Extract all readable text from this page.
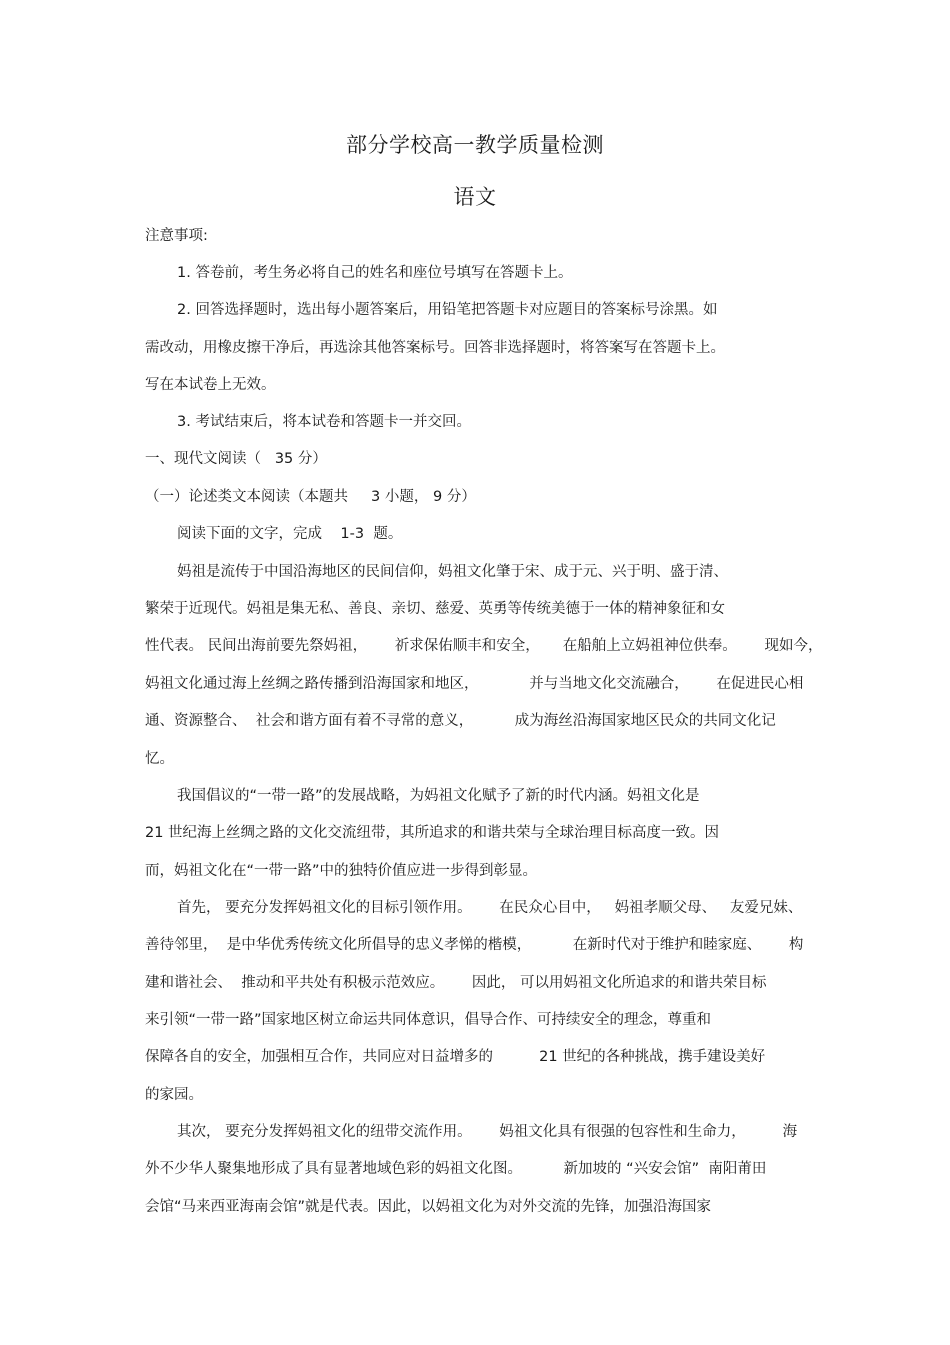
部分学校高一教学质量检测
语文
注意事项:
1. 答卷前，考生务必将自己的姓名和座位号填写在答题卡上。
2. 回答选择题时，选出每小题答案后，用铅笔把答题卡对应题目的答案标号涂黑。如
需改动，用橡皮擦干净后，再选涂其他答案标号。回答非选择题时，将答案写在答题卡上。
写在本试卷上无效。
3. 考试结束后，将本试卷和答题卡一并交回。
一、现代文阅读（   35 分）
（一）论述类文本阅读（本题共     3 小题， 9 分）
阅读下面的文字，完成    1-3  题。
妈祖是流传于中国沿海地区的民间信仰，妈祖文化肇于宋、成于元、兴于明、盛于清、
繁荣于近现代。妈祖是集无私、善良、亲切、慈爱、英勇等传统美德于一体的精神象征和女
性代表。 民间出海前要先祭妈祖，      祈求保佑顺丰和安全，     在船舶上立妈祖神位供奉。      现如今，
妈祖文化通过海上丝绸之路传播到沿海国家和地区，           并与当地文化交流融合，      在促进民心相
通、资源整合、  社会和谐方面有着不寻常的意义，         成为海丝沿海国家地区民众的共同文化记
忆。
我国倡议的“一带一路”的发展战略，为妈祖文化赋予了新的时代内涵。妈祖文化是
21 世纪海上丝绸之路的文化交流纽带，其所追求的和谐共荣与全球治理目标高度一致。因
而，妈祖文化在“一带一路”中的独特价值应进一步得到彰显。
首先， 要充分发挥妈祖文化的目标引领作用。      在民众心目中，   妈祖孝顺父母、   友爱兄妹、
善待邻里，  是中华优秀传统文化所倡导的忠义孝悌的楷模，         在新时代对于维护和睦家庭、      构
建和谐社会、  推动和平共处有积极示范效应。      因此， 可以用妈祖文化所追求的和谐共荣目标
来引领“一带一路”国家地区树立命运共同体意识，倡导合作、可持续安全的理念，尊重和
保障各自的安全，加强相互合作，共同应对日益增多的          21 世纪的各种挑战，携手建设美好
的家园。
其次， 要充分发挥妈祖文化的纽带交流作用。      妈祖文化具有很强的包容性和生命力，        海
外不少华人聚集地形成了具有显著地域色彩的妈祖文化图。         新加坡的 “兴安会馆”  南阳莆田
会馆“马来西亚海南会馆”就是代表。因此，以妈祖文化为对外交流的先锋，加强沿海国家
